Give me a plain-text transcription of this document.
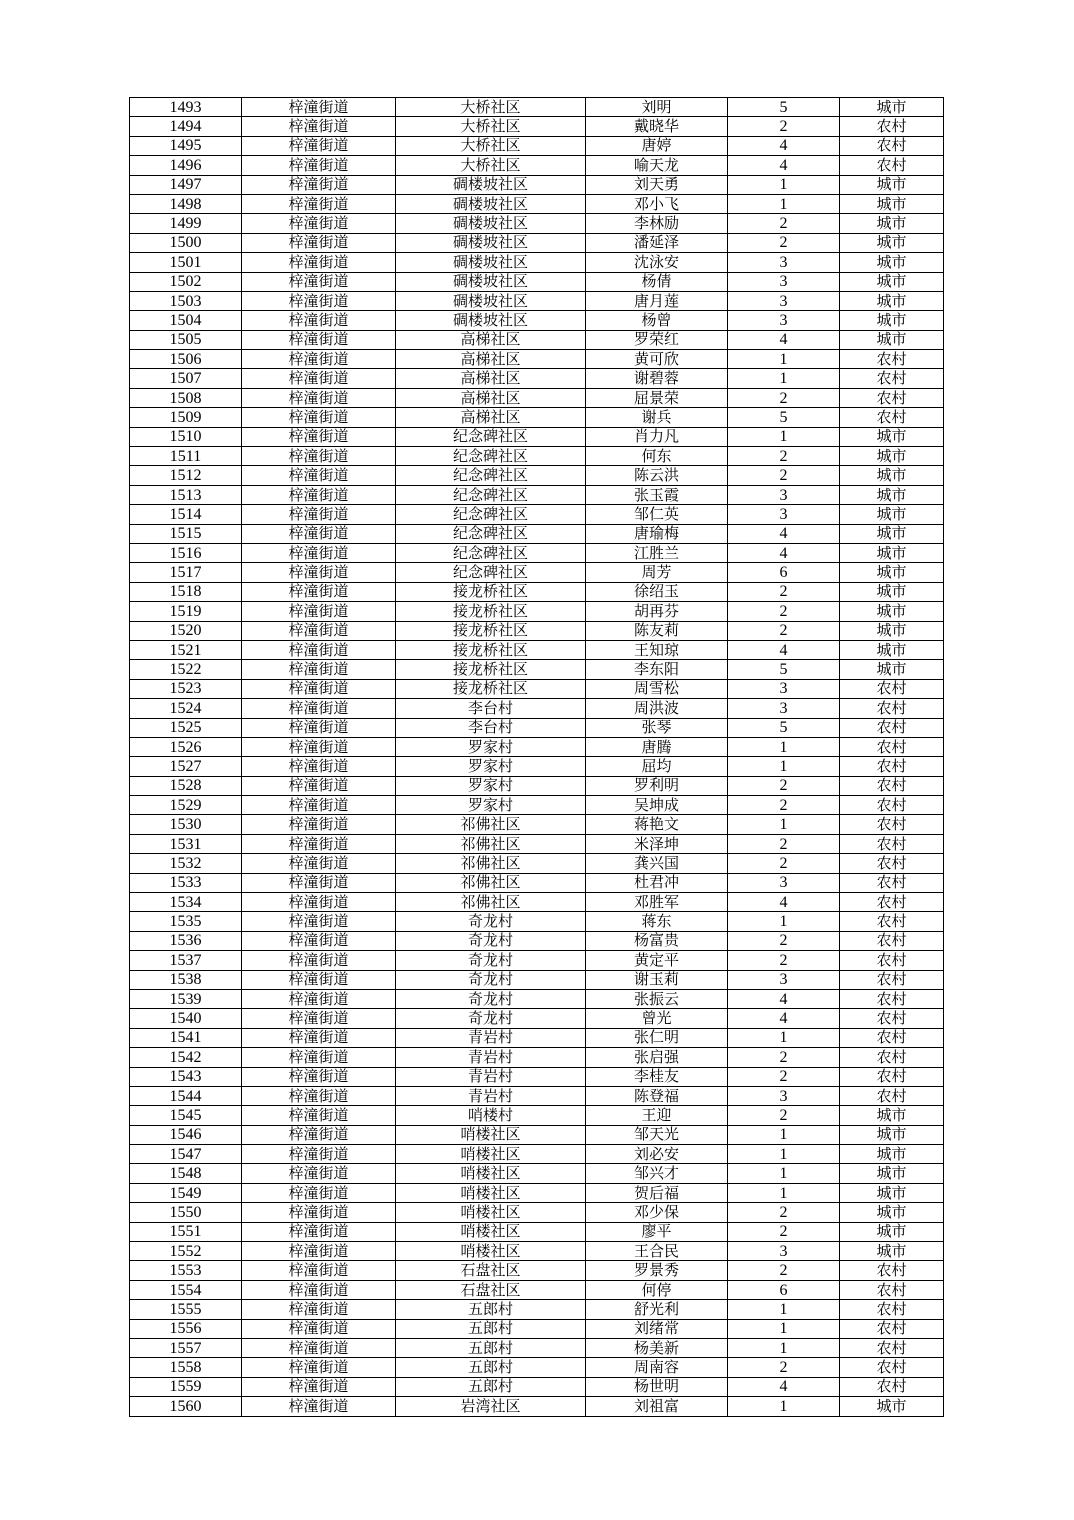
1493	梓潼街道	大桥社区	刘明	5	城市
1494	梓潼街道	大桥社区	戴晓华	2	农村
1495	梓潼街道	大桥社区	唐婷	4	农村
1496	梓潼街道	大桥社区	喻天龙	4	农村
1497	梓潼街道	碉楼坡社区	刘天勇	1	城市
1498	梓潼街道	碉楼坡社区	邓小飞	1	城市
1499	梓潼街道	碉楼坡社区	李林励	2	城市
1500	梓潼街道	碉楼坡社区	潘延泽	2	城市
1501	梓潼街道	碉楼坡社区	沈泳安	3	城市
1502	梓潼街道	碉楼坡社区	杨倩	3	城市
1503	梓潼街道	碉楼坡社区	唐月莲	3	城市
1504	梓潼街道	碉楼坡社区	杨曾	3	城市
1505	梓潼街道	高梯社区	罗荣红	4	城市
1506	梓潼街道	高梯社区	黄可欣	1	农村
1507	梓潼街道	高梯社区	谢碧蓉	1	农村
1508	梓潼街道	高梯社区	屈景荣	2	农村
1509	梓潼街道	高梯社区	谢兵	5	农村
1510	梓潼街道	纪念碑社区	肖力凡	1	城市
1511	梓潼街道	纪念碑社区	何东	2	城市
1512	梓潼街道	纪念碑社区	陈云洪	2	城市
1513	梓潼街道	纪念碑社区	张玉霞	3	城市
1514	梓潼街道	纪念碑社区	邹仁英	3	城市
1515	梓潼街道	纪念碑社区	唐瑜梅	4	城市
1516	梓潼街道	纪念碑社区	江胜兰	4	城市
1517	梓潼街道	纪念碑社区	周芳	6	城市
1518	梓潼街道	接龙桥社区	徐绍玉	2	城市
1519	梓潼街道	接龙桥社区	胡再芬	2	城市
1520	梓潼街道	接龙桥社区	陈友莉	2	城市
1521	梓潼街道	接龙桥社区	王知琼	4	城市
1522	梓潼街道	接龙桥社区	李东阳	5	城市
1523	梓潼街道	接龙桥社区	周雪松	3	农村
1524	梓潼街道	李台村	周洪波	3	农村
1525	梓潼街道	李台村	张琴	5	农村
1526	梓潼街道	罗家村	唐腾	1	农村
1527	梓潼街道	罗家村	屈均	1	农村
1528	梓潼街道	罗家村	罗利明	2	农村
1529	梓潼街道	罗家村	吴坤成	2	农村
1530	梓潼街道	祁佛社区	蒋艳文	1	农村
1531	梓潼街道	祁佛社区	米泽坤	2	农村
1532	梓潼街道	祁佛社区	龚兴国	2	农村
1533	梓潼街道	祁佛社区	杜君冲	3	农村
1534	梓潼街道	祁佛社区	邓胜军	4	农村
1535	梓潼街道	奇龙村	蒋东	1	农村
1536	梓潼街道	奇龙村	杨富贵	2	农村
1537	梓潼街道	奇龙村	黄定平	2	农村
1538	梓潼街道	奇龙村	谢玉莉	3	农村
1539	梓潼街道	奇龙村	张振云	4	农村
1540	梓潼街道	奇龙村	曾光	4	农村
1541	梓潼街道	青岩村	张仁明	1	农村
1542	梓潼街道	青岩村	张启强	2	农村
1543	梓潼街道	青岩村	李桂友	2	农村
1544	梓潼街道	青岩村	陈登福	3	农村
1545	梓潼街道	哨楼村	王迎	2	城市
1546	梓潼街道	哨楼社区	邹天光	1	城市
1547	梓潼街道	哨楼社区	刘必安	1	城市
1548	梓潼街道	哨楼社区	邹兴才	1	城市
1549	梓潼街道	哨楼社区	贺后福	1	城市
1550	梓潼街道	哨楼社区	邓少保	2	城市
1551	梓潼街道	哨楼社区	廖平	2	城市
1552	梓潼街道	哨楼社区	王合民	3	城市
1553	梓潼街道	石盘社区	罗景秀	2	农村
1554	梓潼街道	石盘社区	何停	6	农村
1555	梓潼街道	五郎村	舒光利	1	农村
1556	梓潼街道	五郎村	刘绪常	1	农村
1557	梓潼街道	五郎村	杨美新	1	农村
1558	梓潼街道	五郎村	周南容	2	农村
1559	梓潼街道	五郎村	杨世明	4	农村
1560	梓潼街道	岩湾社区	刘祖富	1	城市
